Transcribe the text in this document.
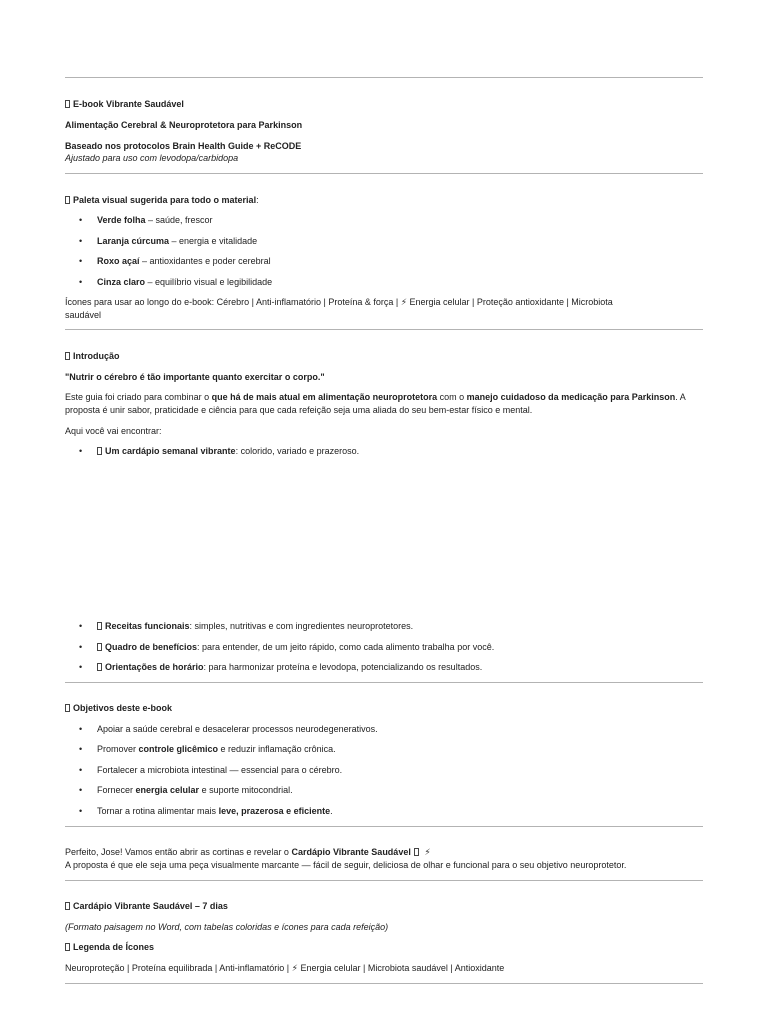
E-book Vibrante Saudável
Alimentação Cerebral & Neuroprotetora para Parkinson
Baseado nos protocolos Brain Health Guide + ReCODE
Ajustado para uso com levodopa/carbidopa
Paleta visual sugerida para todo o material:
• Verde folha – saúde, frescor
• Laranja cúrcuma – energia e vitalidade
• Roxo açaí – antioxidantes e poder cerebral
• Cinza claro – equilíbrio visual e legibilidade
Ícones para usar ao longo do e-book: Cérebro | Anti-inflamatório | Proteína & força | ⚡ Energia celular | Proteção antioxidante | Microbiota
saudável
Introdução
"Nutrir o cérebro é tão importante quanto exercitar o corpo."
Este guia foi criado para combinar o que há de mais atual em alimentação neuroprotetora com o manejo cuidadoso da medicação para Parkinson. A
proposta é unir sabor, praticidade e ciência para que cada refeição seja uma aliada do seu bem-estar físico e mental.
Aqui você vai encontrar:
•	Um cardápio semanal vibrante: colorido, variado e prazeroso.
•	Receitas funcionais: simples, nutritivas e com ingredientes neuroprotetores.
•	Quadro de benefícios: para entender, de um jeito rápido, como cada alimento trabalha por você.
•	Orientações de horário: para harmonizar proteína e levodopa, potencializando os resultados.
Objetivos deste e-book
• Apoiar a saúde cerebral e desacelerar processos neurodegenerativos.
• Promover controle glicêmico e reduzir inflamação crônica.
• Fortalecer a microbiota intestinal — essencial para o cérebro.
• Fornecer energia celular e suporte mitocondrial.
• Tornar a rotina alimentar mais leve, prazerosa e eficiente.
Perfeito, Jose! Vamos então abrir as cortinas e revelar o Cardápio Vibrante Saudável ⚡
A proposta é que ele seja uma peça visualmente marcante — fácil de seguir, deliciosa de olhar e funcional para o seu objetivo neuroprotetor.
Cardápio Vibrante Saudável – 7 dias
(Formato paisagem no Word, com tabelas coloridas e ícones para cada refeição)
Legenda de Ícones
Neuroproteção | Proteína equilibrada | Anti-inflamatório | ⚡ Energia celular | Microbiota saudável | Antioxidante
